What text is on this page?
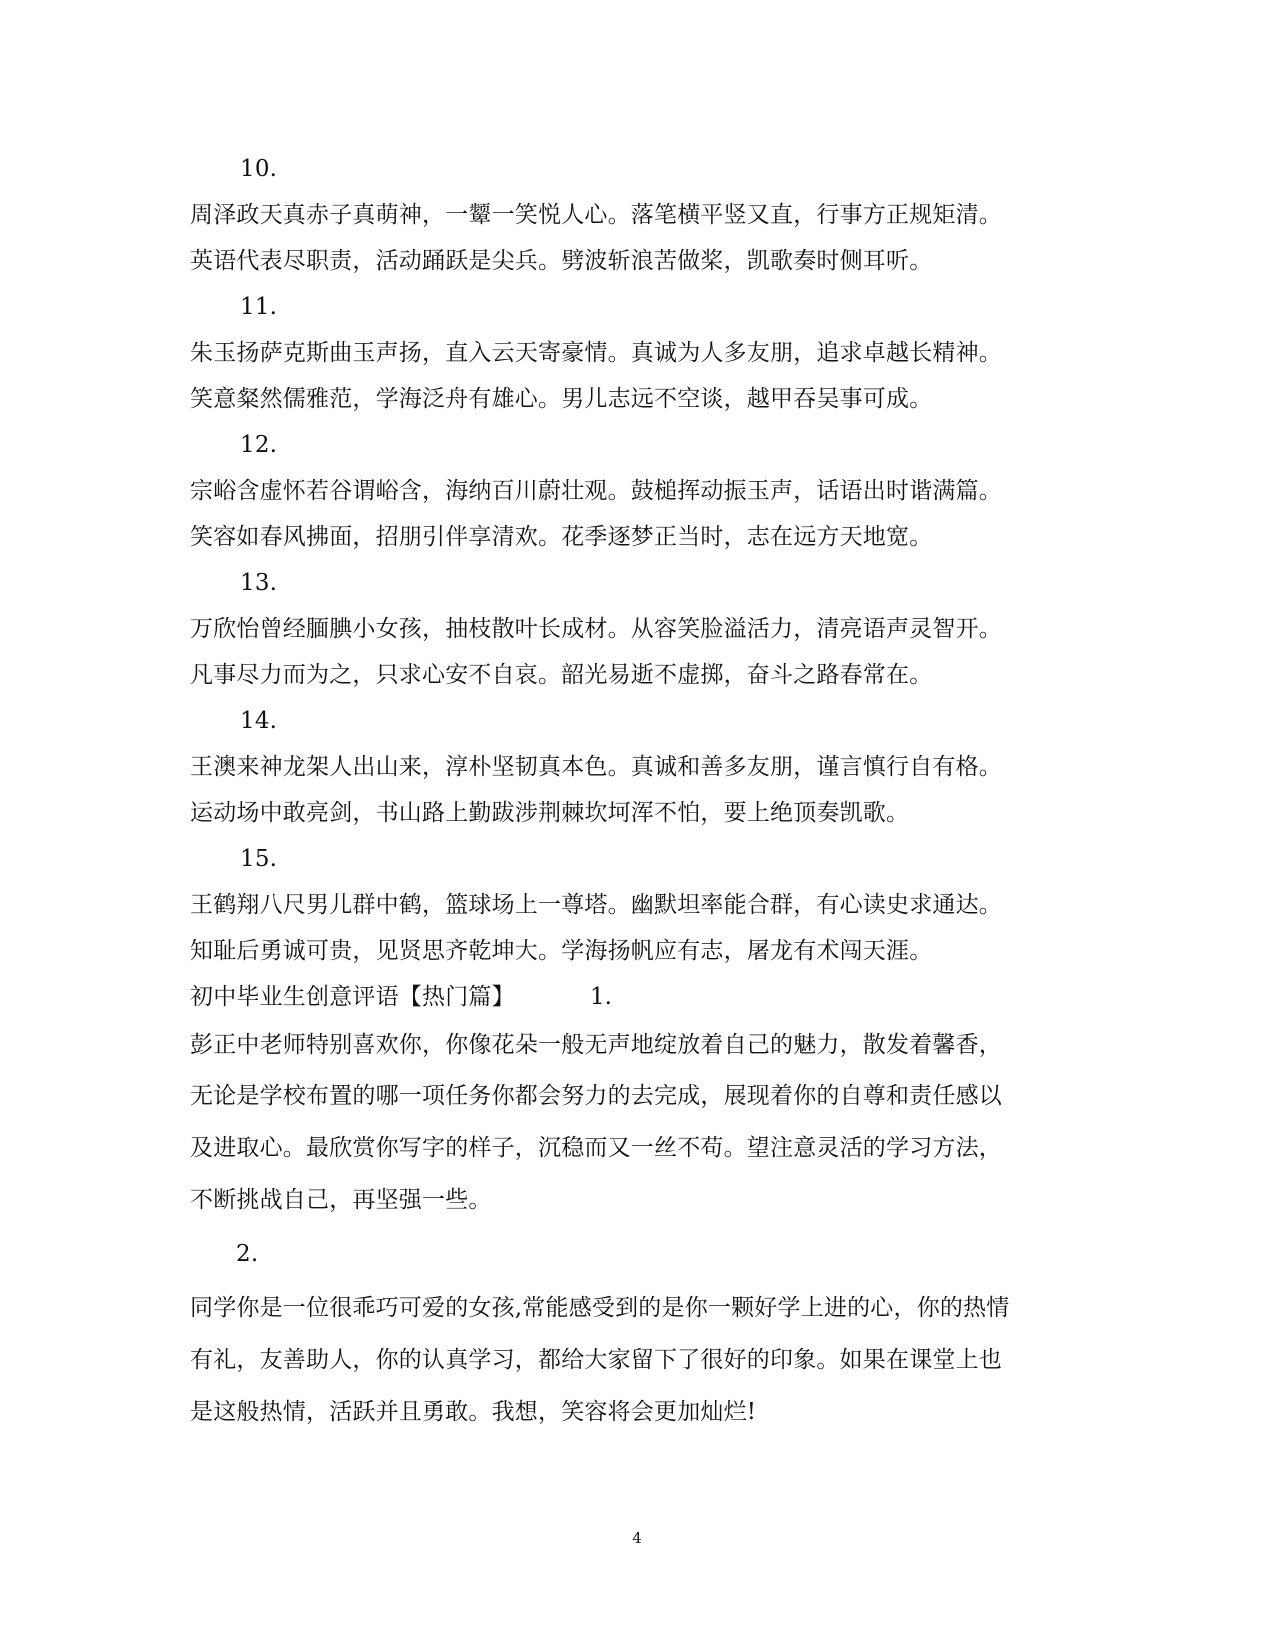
10.
周泽政天真赤子真萌神，一颦一笑悦人心。落笔横平竖又直，行事方正规矩清。
英语代表尽职责，活动踊跃是尖兵。劈波斩浪苦做桨，凯歌奏时侧耳听。
11.
朱玉扬萨克斯曲玉声扬，直入云天寄豪情。真诚为人多友朋，追求卓越长精神。
笑意粲然儒雅范，学海泛舟有雄心。男儿志远不空谈，越甲吞吴事可成。
12.
宗峪含虚怀若谷谓峪含，海纳百川蔚壮观。鼓槌挥动振玉声，话语出时谐满篇。
笑容如春风拂面，招朋引伴享清欢。花季逐梦正当时，志在远方天地宽。
13.
万欣怡曾经腼腆小女孩，抽枝散叶长成材。从容笑脸溢活力，清亮语声灵智开。
凡事尽力而为之，只求心安不自哀。韶光易逝不虚掷，奋斗之路春常在。
14.
王澳来神龙架人出山来，淳朴坚韧真本色。真诚和善多友朋，谨言慎行自有格。
运动场中敢亮剑，书山路上勤跋涉荆棘坎坷浑不怕，要上绝顶奏凯歌。
15.
王鹤翔八尺男儿群中鹤，篮球场上一尊塔。幽默坦率能合群，有心读史求通达。
知耻后勇诚可贵，见贤思齐乾坤大。学海扬帆应有志，屠龙有术闯天涯。
初中毕业生创意评语【热门篇】	1.
彭正中老师特别喜欢你，你像花朵一般无声地绽放着自己的魅力，散发着馨香，
无论是学校布置的哪一项任务你都会努力的去完成，展现着你的自尊和责任感以
及进取心。最欣赏你写字的样子，沉稳而又一丝不苟。望注意灵活的学习方法，
不断挑战自己，再坚强一些。
2.
同学你是一位很乖巧可爱的女孩,常能感受到的是你一颗好学上进的心，你的热情
有礼，友善助人，你的认真学习，都给大家留下了很好的印象。如果在课堂上也
是这般热情，活跃并且勇敢。我想，笑容将会更加灿烂!
4
